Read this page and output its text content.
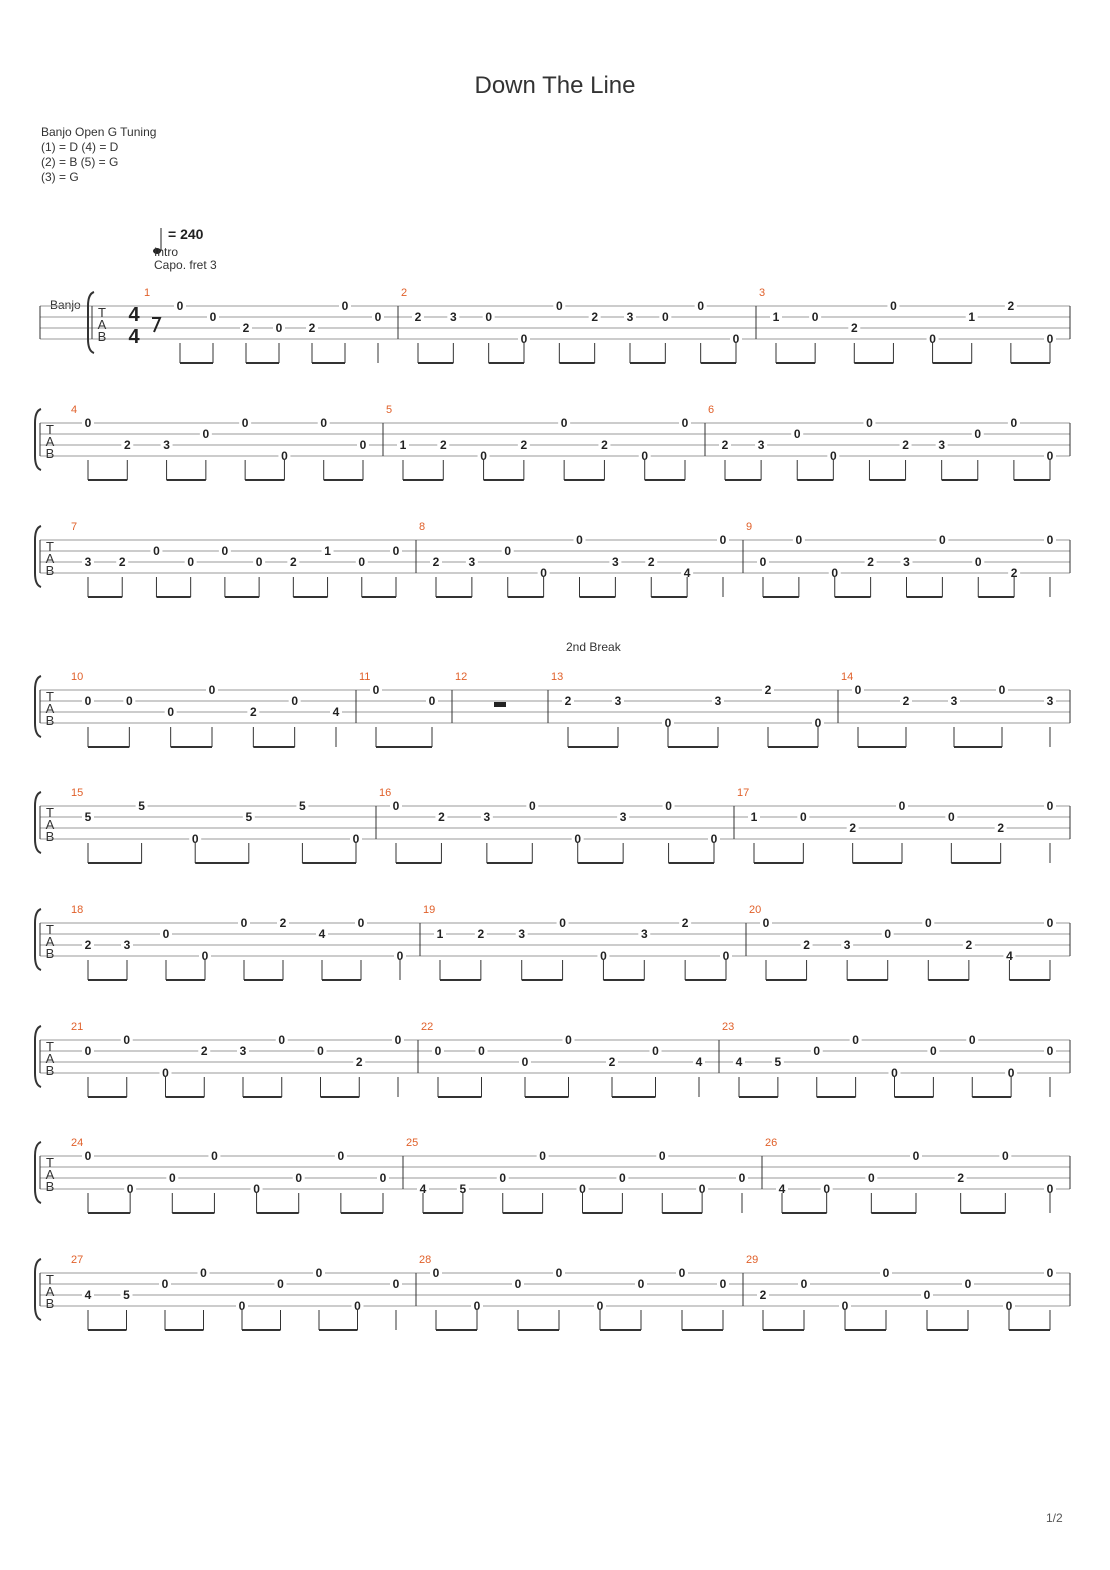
Down The Line
Banjo Open G Tuning
(1) = D (4) = D
(2) = B (5) = G
(3) = G
= 240
Intro
Capo. fret 3
Banjo
2nd Break
1/2
T
A
B
4
4
1
0
0
2 0 2
0
0
2
2 3 0
0
0
2 3 0
0
0
3
1	0
2
0
0
1
2
0
T
A
B
4
0
2	3
0
0
0
0
0
5
1	2
0
2
0
2
0
0
6
2 3
0
0
0
2 3
0
0
0
T
A
B
7
3 2
0
0
0
0 2
1
0
0
8
2 3
0
0
0
3 2
4
0
9
0
0
0
2 3
0
0
2
0
T
A
B
10
0	0
0
0
2
0
4
11
0
0
12	13
2	3
0
3
2
0
14
0
2	3
0
3
T
A
B
15
5
5
0
5
5
0
16
0
2	3
0
0
3
0
0
17
1	0
2
0
0
2
0
T
A
B
18
2	3
0
0
0	2
4
0
0
19
1	2	3
0
0
3
2
0
20
0
2	3
0
0
2
4
0
T
A
B
21
0
0
0
2	3
0
0
2
0
22
0	0
0
0
2
0
4
23
4	5
0
0
0
0
0
0
0
T
A
B
24
0
0
0
0
0
0
0
0
25
4	5
0
0
0
0
0
0
0
26
4	0
0
0
2
0
0
T
A
B
27
4	5
0
0
0
0
0
0
0
28
0
0
0
0
0
0
0
0
29
2
0
0
0
0
0
0
0
